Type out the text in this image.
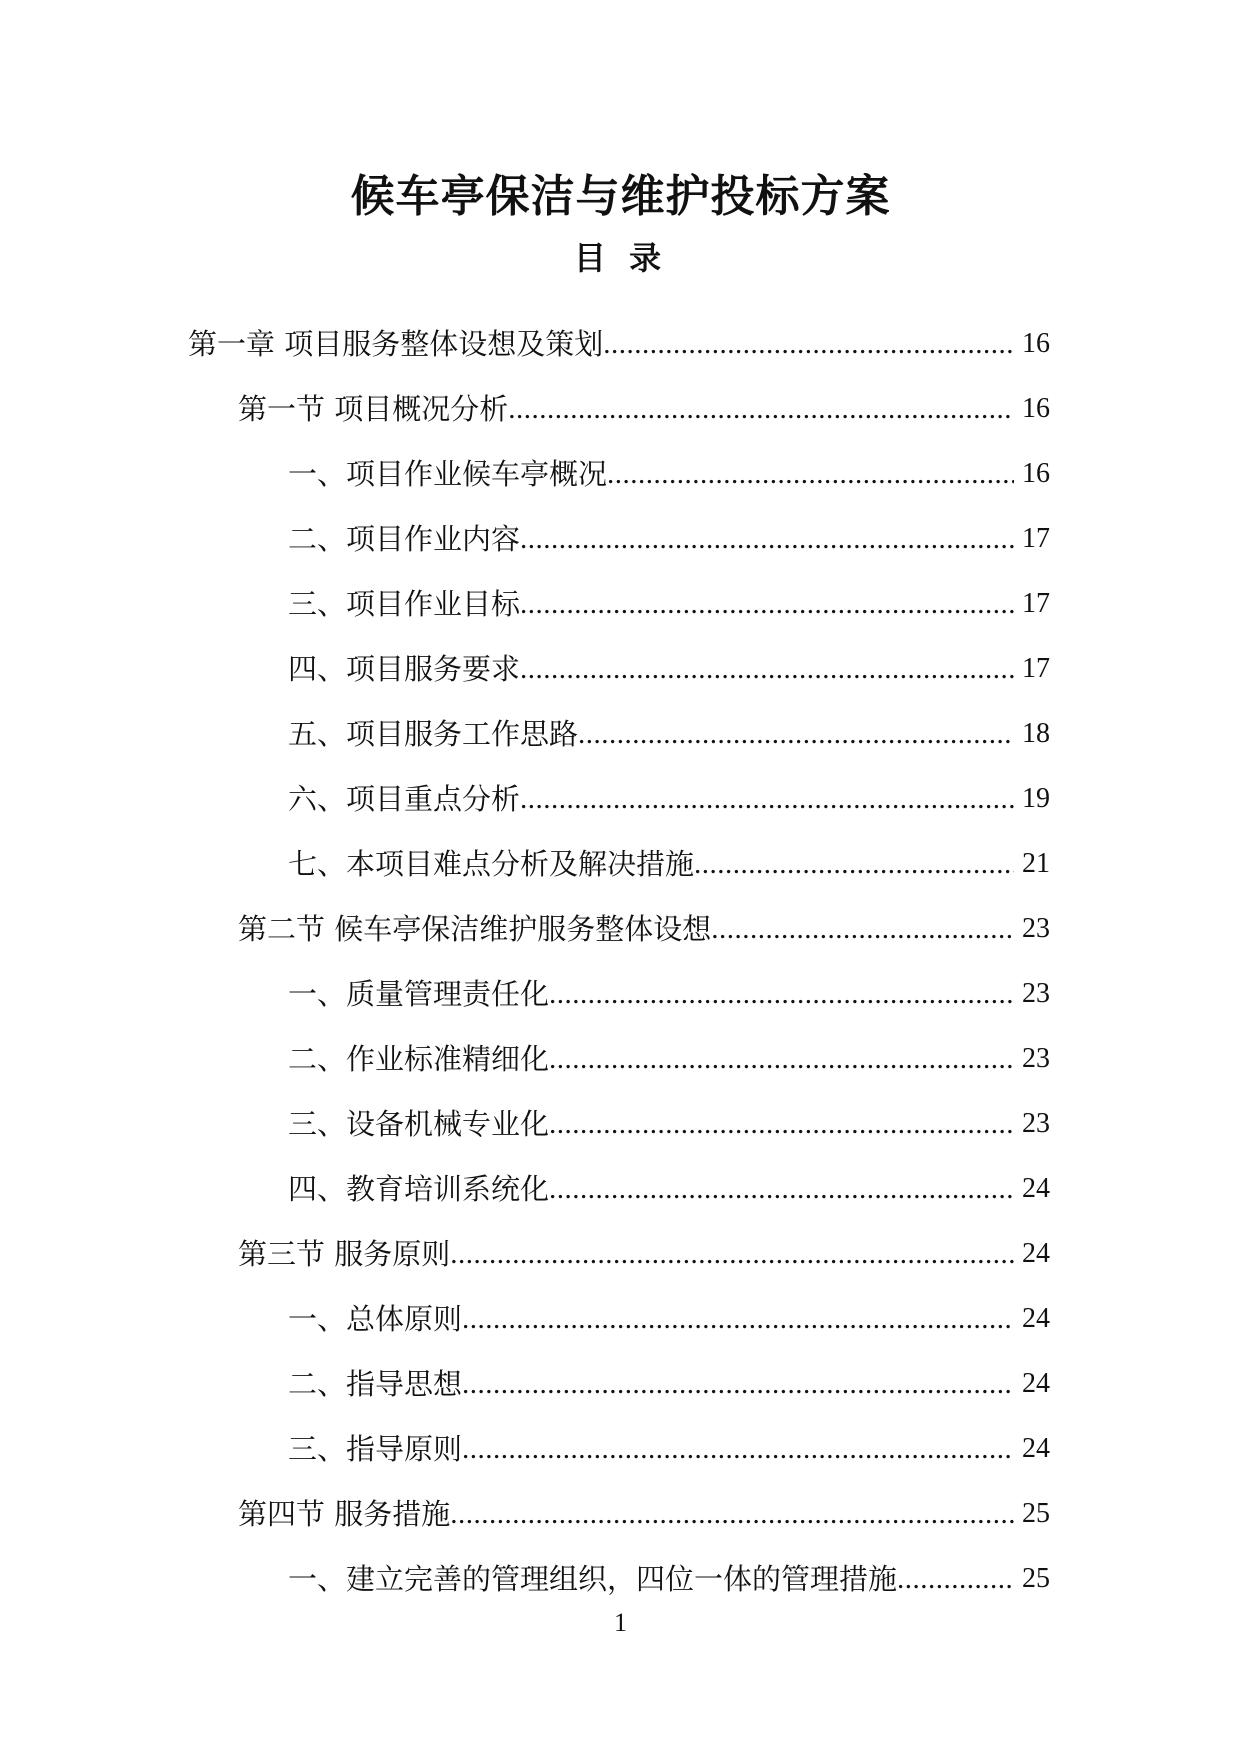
候车亭保洁与维护投标方案
目 录
第一章 项目服务整体设想及策划 .....	16
第一节 项目概况分析 .....	16
一、项目作业候车亭概况 .....	16
二、项目作业内容 .....	17
三、项目作业目标 .....	17
四、项目服务要求 .....	17
五、项目服务工作思路 .....	18
六、项目重点分析 .....	19
七、本项目难点分析及解决措施 .....	21
第二节 候车亭保洁维护服务整体设想 .....	23
一、质量管理责任化 .....	23
二、作业标准精细化 .....	23
三、设备机械专业化 .....	23
四、教育培训系统化 .....	24
第三节 服务原则 .....	24
一、总体原则 .....	24
二、指导思想 .....	24
三、指导原则 .....	24
第四节 服务措施 .....	25
一、建立完善的管理组织，四位一体的管理措施 .....	25
1
